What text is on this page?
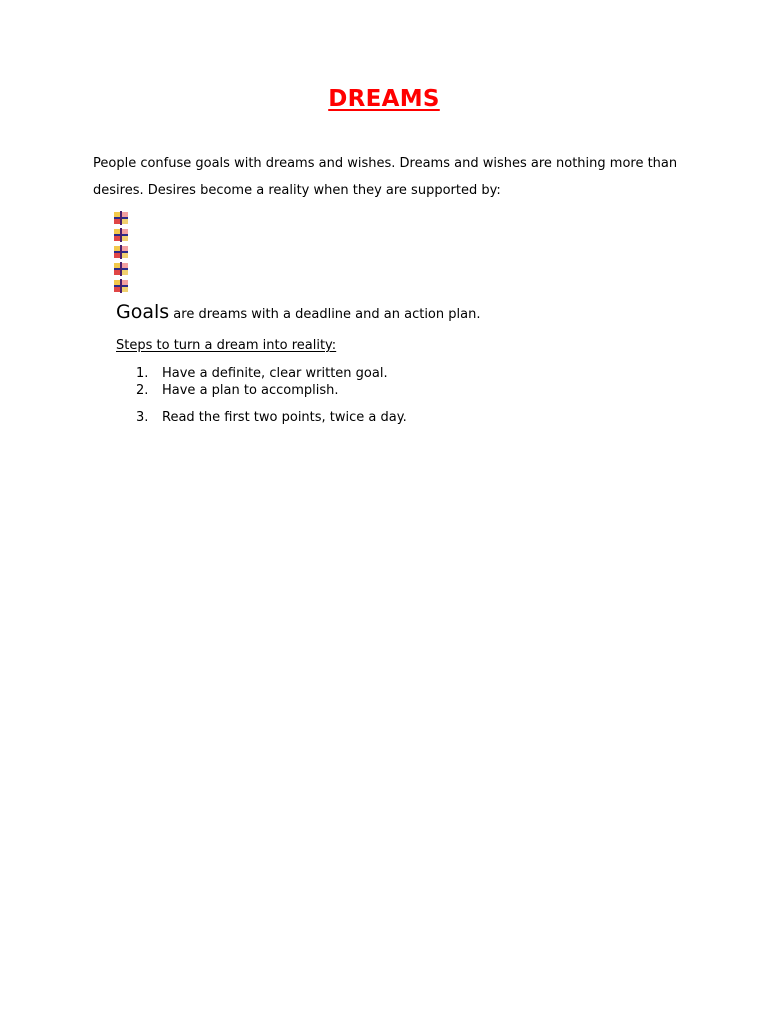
DREAMS

People confuse goals with dreams and wishes. Dreams and wishes are nothing more than desires. Desires become a reality when they are supported by:

Goals are dreams with a deadline and an action plan.

Steps to turn a dream into reality:

1. Have a definite, clear written goal.
2. Have a plan to accomplish.
3. Read the first two points, twice a day.
